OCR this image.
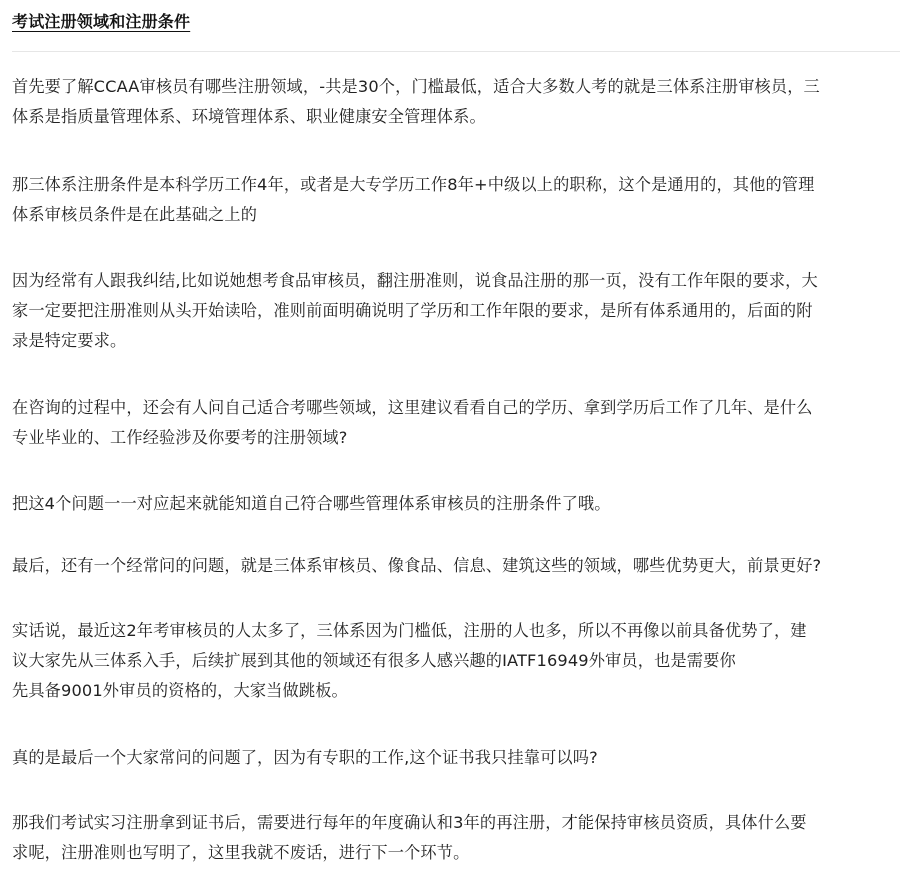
考试注册领域和注册条件

首先要了解CCAA审核员有哪些注册领域，-共是30个，门槛最低，适合大多数人考的就是三体系注册审核员，三
体系是指质量管理体系、环境管理体系、职业健康安全管理体系。

那三体系注册条件是本科学历工作4年，或者是大专学历工作8年+中级以上的职称，这个是通用的，其他的管理
体系审核员条件是在此基础之上的

因为经常有人跟我纠结,比如说她想考食品审核员，翻注册准则，说食品注册的那一页，没有工作年限的要求，大
家一定要把注册准则从头开始读哈，准则前面明确说明了学历和工作年限的要求，是所有体系通用的，后面的附
录是特定要求。

在咨询的过程中，还会有人问自己适合考哪些领域，这里建议看看自己的学历、拿到学历后工作了几年、是什么
专业毕业的、工作经验涉及你要考的注册领域?

把这4个问题一一对应起来就能知道自己符合哪些管理体系审核员的注册条件了哦。

最后，还有一个经常问的问题，就是三体系审核员、像食品、信息、建筑这些的领域，哪些优势更大，前景更好?

实话说，最近这2年考审核员的人太多了，三体系因为门槛低，注册的人也多，所以不再像以前具备优势了，建
议大家先从三体系入手，后续扩展到其他的领域还有很多人感兴趣的IATF16949外审员，也是需要你
先具备9001外审员的资格的，大家当做跳板。

真的是最后一个大家常问的问题了，因为有专职的工作,这个证书我只挂靠可以吗?

那我们考试实习注册拿到证书后，需要进行每年的年度确认和3年的再注册，才能保持审核员资质，具体什么要
求呢，注册准则也写明了，这里我就不废话，进行下一个环节。
